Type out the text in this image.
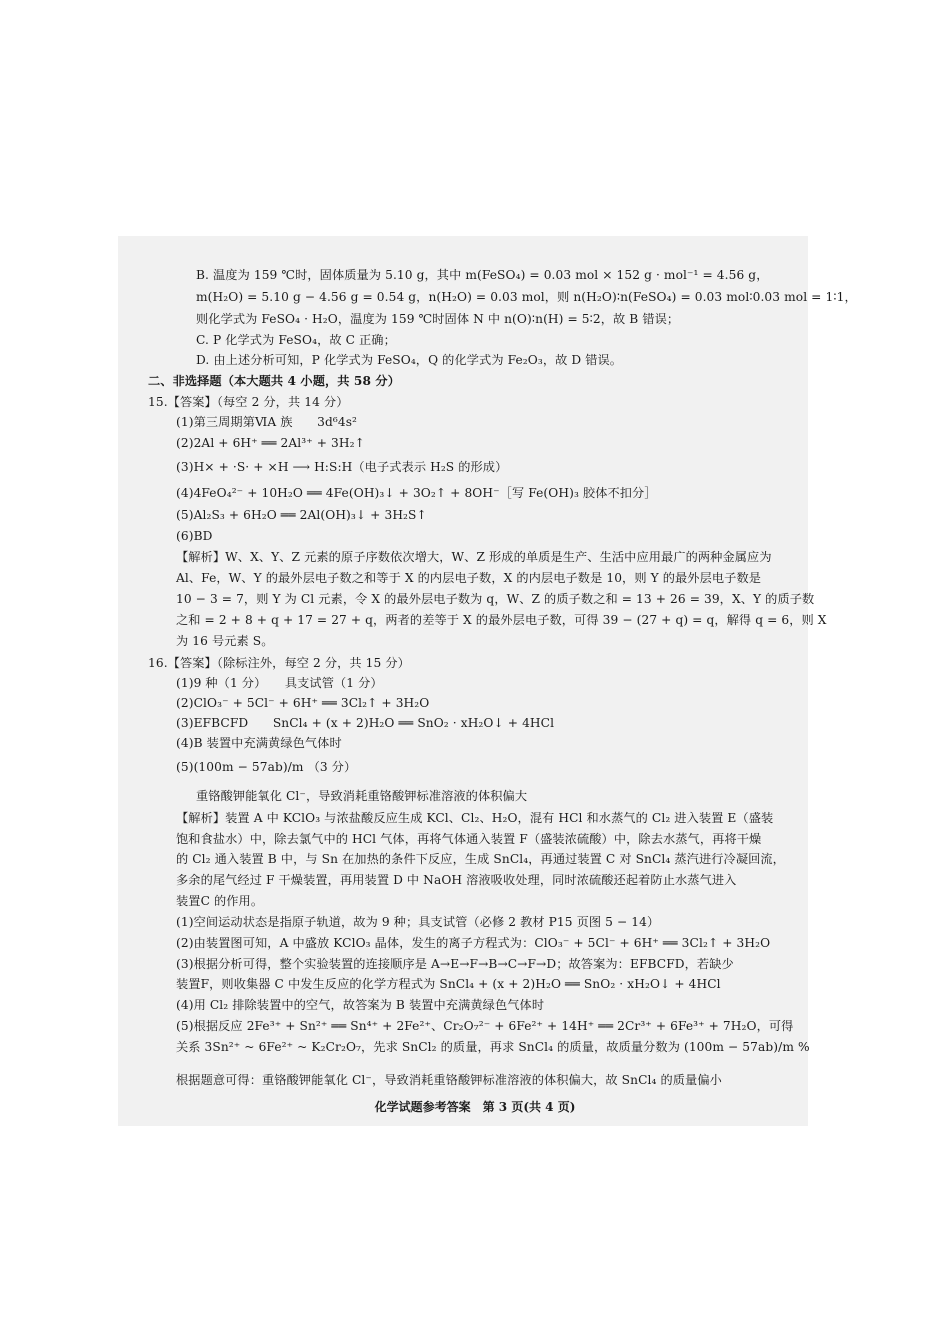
B. 温度为 159 ℃时，固体质量为 5.10 g，其中 m(FeSO₄) = 0.03 mol × 152 g · mol⁻¹ = 4.56 g，
m(H₂O) = 5.10 g − 4.56 g = 0.54 g，n(H₂O) = 0.03 mol，则 n(H₂O)∶n(FeSO₄) = 0.03 mol∶0.03 mol = 1∶1，
则化学式为 FeSO₄ · H₂O，温度为 159 ℃时固体 N 中 n(O)∶n(H) = 5∶2，故 B 错误；
C. P 化学式为 FeSO₄，故 C 正确；
D. 由上述分析可知，P 化学式为 FeSO₄，Q 的化学式为 Fe₂O₃，故 D 错误。
二、非选择题（本大题共 4 小题，共 58 分）
15.【答案】（每空 2 分，共 14 分）
(1)第三周期第ⅥA 族　　3d⁶4s²
(2)2Al + 6H⁺ ══ 2Al³⁺ + 3H₂↑
(3)H× + ·S· + ×H ⟶ H:S:H（电子式表示 H₂S 的形成）
(4)4FeO₄²⁻ + 10H₂O ══ 4Fe(OH)₃↓ + 3O₂↑ + 8OH⁻［写 Fe(OH)₃ 胶体不扣分］
(5)Al₂S₃ + 6H₂O ══ 2Al(OH)₃↓ + 3H₂S↑
(6)BD
【解析】W、X、Y、Z 元素的原子序数依次增大，W、Z 形成的单质是生产、生活中应用最广的两种金属应为
Al、Fe，W、Y 的最外层电子数之和等于 X 的内层电子数，X 的内层电子数是 10，则 Y 的最外层电子数是
10 − 3 = 7，则 Y 为 Cl 元素，令 X 的最外层电子数为 q，W、Z 的质子数之和 = 13 + 26 = 39，X、Y 的质子数
之和 = 2 + 8 + q + 17 = 27 + q，两者的差等于 X 的最外层电子数，可得 39 − (27 + q) = q，解得 q = 6，则 X
为 16 号元素 S。
16.【答案】（除标注外，每空 2 分，共 15 分）
(1)9 种（1 分）　　具支试管（1 分）
(2)ClO₃⁻ + 5Cl⁻ + 6H⁺ ══ 3Cl₂↑ + 3H₂O
(3)EFBCFD　　SnCl₄ + (x + 2)H₂O ══ SnO₂ · xH₂O↓ + 4HCl
(4)B 装置中充满黄绿色气体时
(5)(100m − 57ab)/m （3 分）
重铬酸钾能氧化 Cl⁻，导致消耗重铬酸钾标准溶液的体积偏大
【解析】装置 A 中 KClO₃ 与浓盐酸反应生成 KCl、Cl₂、H₂O，混有 HCl 和水蒸气的 Cl₂ 进入装置 E（盛装
饱和食盐水）中，除去氯气中的 HCl 气体，再将气体通入装置 F（盛装浓硫酸）中，除去水蒸气，再将干燥
的 Cl₂ 通入装置 B 中，与 Sn 在加热的条件下反应，生成 SnCl₄，再通过装置 C 对 SnCl₄ 蒸汽进行冷凝回流，
多余的尾气经过 F 干燥装置，再用装置 D 中 NaOH 溶液吸收处理，同时浓硫酸还起着防止水蒸气进入
装置C 的作用。
(1)空间运动状态是指原子轨道，故为 9 种；具支试管（必修 2 教材 P15 页图 5 − 14）
(2)由装置图可知，A 中盛放 KClO₃ 晶体，发生的离子方程式为：ClO₃⁻ + 5Cl⁻ + 6H⁺ ══ 3Cl₂↑ + 3H₂O
(3)根据分析可得，整个实验装置的连接顺序是 A→E→F→B→C→F→D；故答案为：EFBCFD，若缺少
装置F，则收集器 C 中发生反应的化学方程式为 SnCl₄ + (x + 2)H₂O ══ SnO₂ · xH₂O↓ + 4HCl
(4)用 Cl₂ 排除装置中的空气，故答案为 B 装置中充满黄绿色气体时
(5)根据反应 2Fe³⁺ + Sn²⁺ ══ Sn⁴⁺ + 2Fe²⁺、Cr₂O₇²⁻ + 6Fe²⁺ + 14H⁺ ══ 2Cr³⁺ + 6Fe³⁺ + 7H₂O，可得
关系 3Sn²⁺ ~ 6Fe²⁺ ~ K₂Cr₂O₇，先求 SnCl₂ 的质量，再求 SnCl₄ 的质量，故质量分数为 (100m − 57ab)/m %
根据题意可得：重铬酸钾能氧化 Cl⁻，导致消耗重铬酸钾标准溶液的体积偏大，故 SnCl₄ 的质量偏小
化学试题参考答案　第 3 页(共 4 页)
